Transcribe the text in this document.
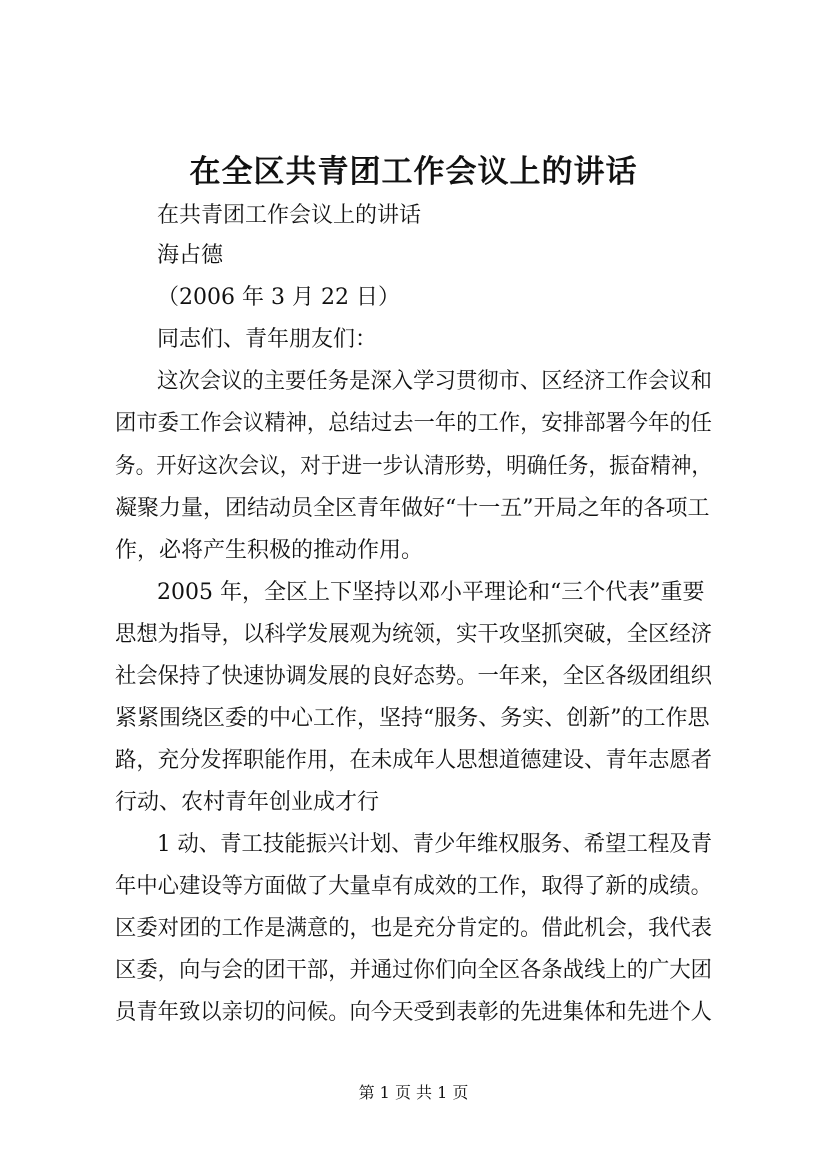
在全区共青团工作会议上的讲话
在共青团工作会议上的讲话
海占德
（2006 年 3 月 22 日）
同志们、青年朋友们：
这次会议的主要任务是深入学习贯彻市、区经济工作会议和
团市委工作会议精神，总结过去一年的工作，安排部署今年的任
务。开好这次会议，对于进一步认清形势，明确任务，振奋精神，
凝聚力量，团结动员全区青年做好“十一五”开局之年的各项工
作，必将产生积极的推动作用。
2005 年，全区上下坚持以邓小平理论和“三个代表”重要
思想为指导，以科学发展观为统领，实干攻坚抓突破，全区经济
社会保持了快速协调发展的良好态势。一年来，全区各级团组织
紧紧围绕区委的中心工作，坚持“服务、务实、创新”的工作思
路，充分发挥职能作用，在未成年人思想道德建设、青年志愿者
行动、农村青年创业成才行
1 动、青工技能振兴计划、青少年维权服务、希望工程及青
年中心建设等方面做了大量卓有成效的工作，取得了新的成绩。
区委对团的工作是满意的，也是充分肯定的。借此机会，我代表
区委，向与会的团干部，并通过你们向全区各条战线上的广大团
员青年致以亲切的问候。向今天受到表彰的先进集体和先进个人
第 1 页 共 1 页
